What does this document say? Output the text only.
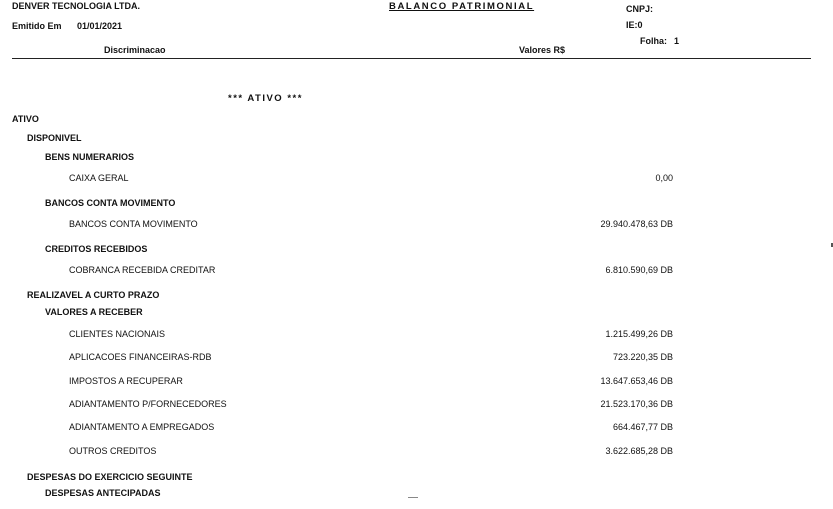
DENVER TECNOLOGIA LTDA.	BALANCO PATRIMONIAL	CNPJ:
Emitido Em 01/01/2021	IE:0
Folha: 1
Discriminacao	Valores R$
*** ATIVO ***
ATIVO
DISPONIVEL
BENS NUMERARIOS
CAIXA GERAL	0,00
BANCOS CONTA MOVIMENTO
BANCOS CONTA MOVIMENTO	29.940.478,63 DB
CREDITOS RECEBIDOS
COBRANCA RECEBIDA CREDITAR	6.810.590,69 DB
REALIZAVEL A CURTO PRAZO
VALORES A RECEBER
CLIENTES NACIONAIS	1.215.499,26 DB
APLICACOES FINANCEIRAS-RDB	723.220,35 DB
IMPOSTOS A RECUPERAR	13.647.653,46 DB
ADIANTAMENTO P/FORNECEDORES	21.523.170,36 DB
ADIANTAMENTO A EMPREGADOS	664.467,77 DB
OUTROS CREDITOS	3.622.685,28 DB
DESPESAS DO EXERCICIO SEGUINTE
DESPESAS ANTECIPADAS
